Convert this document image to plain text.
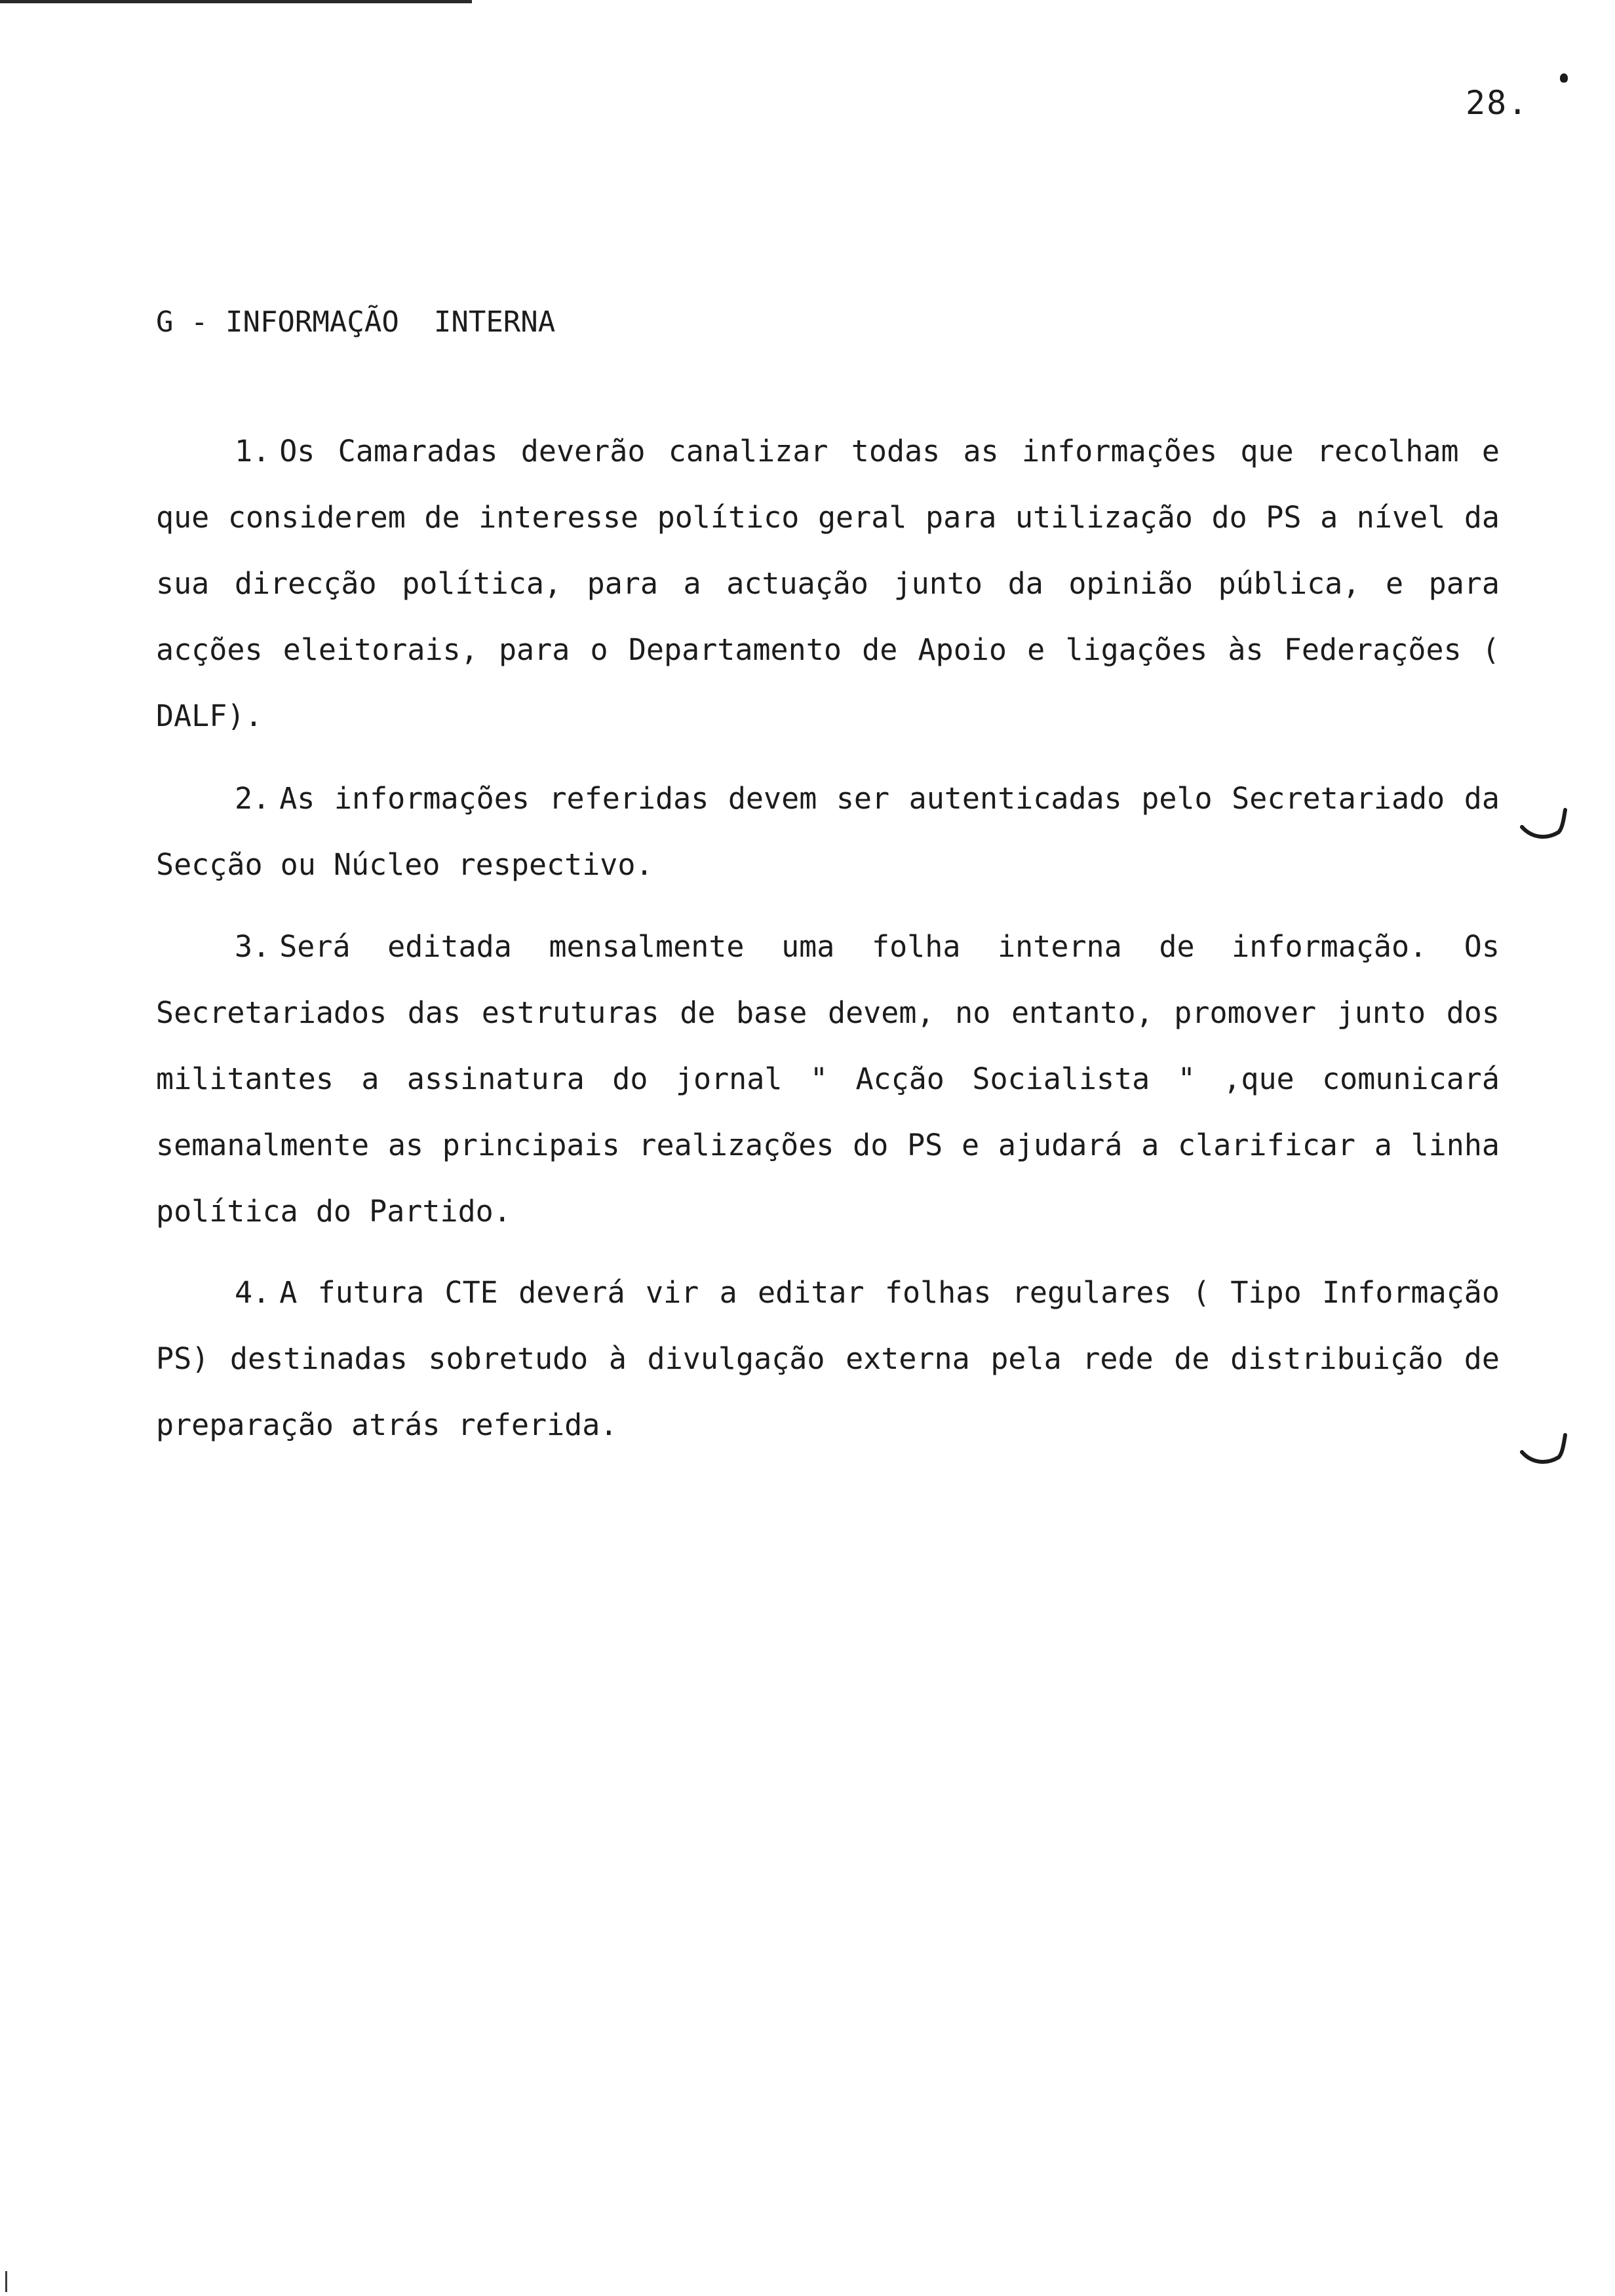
28.
G - INFORMAÇÃO  INTERNA

1. Os Camaradas deverão canalizar todas as informações que recolham e que considerem de interesse político geral para utilização do PS a nível da sua direcção política, para a actuação junto da opinião pública, e para acções eleitorais, para o Departamento de Apoio e ligações às Federações ( DALF).

2. As informações referidas devem ser autenticadas pelo Secretariado da Secção ou Núcleo respectivo.

3. Será editada mensalmente uma folha interna de informação. Os Secretariados das estruturas de base devem, no entanto, promover junto dos militantes a assinatura do jornal " Acção Socialista " ,que comunicará semanalmente as principais realizações do PS e ajudará a clarificar a linha política do Partido.

4. A futura CTE deverá vir a editar folhas regulares ( Tipo Informação PS) destinadas sobretudo à divulgação externa pela rede de distribuição de preparação atrás referida.
